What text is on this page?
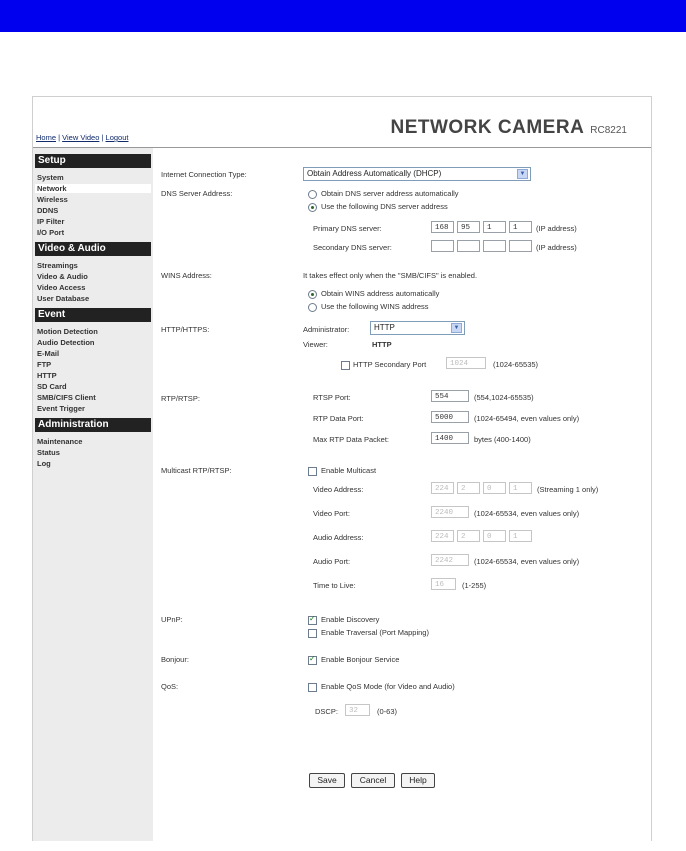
Home | View Video | Logout	NETWORK CAMERA RC8221
Setup
System
Network
Wireless
DDNS
IP Filter
I/O Port
Video & Audio
Streamings
Video & Audio
Video Access
User Database
Event
Motion Detection
Audio Detection
E-Mail
FTP
HTTP
SD Card
SMB/CIFS Client
Event Trigger
Administration
Maintenance
Status
Log
Internet Connection Type:	Obtain Address Automatically (DHCP)	▼
DNS Server Address:	Obtain DNS server address automatically
Use the following DNS server address
Primary DNS server:	168	95	1	1	(IP address)
Secondary DNS server:	(IP address)
WINS Address:	It takes effect only when the "SMB/CIFS" is enabled.
Obtain WINS address automatically
Use the following WINS address
HTTP/HTTPS:	Administrator:	HTTP	▼
Viewer:	HTTP
HTTP Secondary Port	1024	(1024-65535)
RTP/RTSP:	RTSP Port:	554	(554,1024-65535)
RTP Data Port:	5000	(1024-65494, even values only)
Max RTP Data Packet:	1400	bytes (400-1400)
Multicast RTP/RTSP:	Enable Multicast
Video Address:	224	2	0	1	(Streaming 1 only)
Video Port:	2240	(1024-65534, even values only)
Audio Address:	224	2	0	1
Audio Port:	2242	(1024-65534, even values only)
Time to Live:	16	(1-255)
UPnP: ✓	Enable Discovery
Enable Traversal (Port Mapping)
Bonjour: ✓	Enable Bonjour Service
QoS:	Enable QoS Mode (for Video and Audio)
DSCP:	32	(0-63)
Save	Cancel	Help
